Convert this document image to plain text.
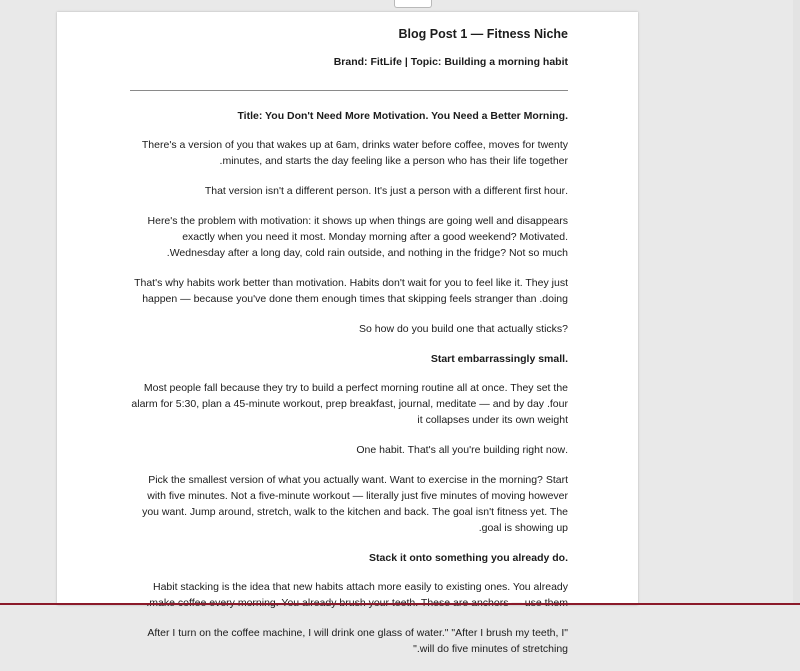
Blog Post 1 — Fitness Niche

Brand: FitLife | Topic: Building a morning habit

.Title: You Don't Need More Motivation. You Need a Better Morning

There's a version of you that wakes up at 6am, drinks water before coffee, moves for twenty .minutes, and starts the day feeling like a person who has their life together

.That version isn't a different person. It's just a person with a different first hour

Here's the problem with motivation: it shows up when things are going well and disappears exactly when you need it most. Monday morning after a good weekend? Motivated. .Wednesday after a long day, cold rain outside, and nothing in the fridge? Not so much

That's why habits work better than motivation. Habits don't wait for you to feel like it. They just happen — because you've done them enough times that skipping feels stranger than .doing

?So how do you build one that actually sticks

.Start embarrassingly small

Most people fall because they try to build a perfect morning routine all at once. They set the alarm for 5:30, plan a 45-minute workout, prep breakfast, journal, meditate — and by day .four it collapses under its own weight

.One habit. That's all you're building right now

Pick the smallest version of what you actually want. Want to exercise in the morning? Start with five minutes. Not a five-minute workout — literally just five minutes of moving however you want. Jump around, stretch, walk to the kitchen and back. The goal isn't fitness yet. The .goal is showing up

.Stack it onto something you already do

Habit stacking is the idea that new habits attach more easily to existing ones. You already

After I turn on the coffee machine, I will drink one glass of water." "After I brush my teeth, I" ".will do five minutes of stretching
